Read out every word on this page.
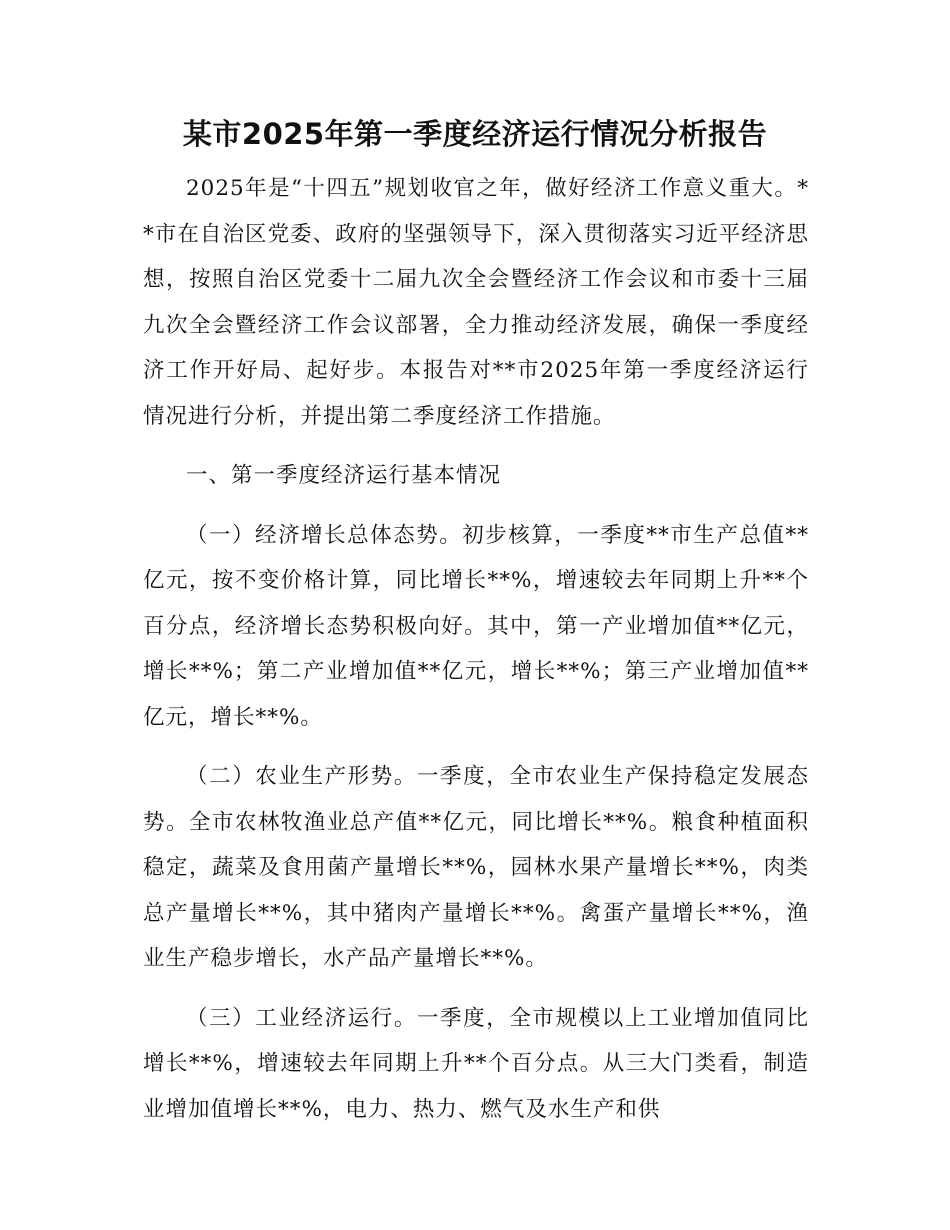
某市2025年第一季度经济运行情况分析报告

2025年是“十四五”规划收官之年，做好经济工作意义重大。**市在自治区党委、政府的坚强领导下，深入贯彻落实习近平经济思想，按照自治区党委十二届九次全会暨经济工作会议和市委十三届九次全会暨经济工作会议部署，全力推动经济发展，确保一季度经济工作开好局、起好步。本报告对**市2025年第一季度经济运行情况进行分析，并提出第二季度经济工作措施。

一、第一季度经济运行基本情况

（一）经济增长总体态势。初步核算，一季度**市生产总值**亿元，按不变价格计算，同比增长**%，增速较去年同期上升**个百分点，经济增长态势积极向好。其中，第一产业增加值**亿元，增长**%；第二产业增加值**亿元，增长**%；第三产业增加值**亿元，增长**%。

（二）农业生产形势。一季度，全市农业生产保持稳定发展态势。全市农林牧渔业总产值**亿元，同比增长**%。粮食种植面积稳定，蔬菜及食用菌产量增长**%，园林水果产量增长**%，肉类总产量增长**%，其中猪肉产量增长**%。禽蛋产量增长**%，渔业生产稳步增长，水产品产量增长**%。

（三）工业经济运行。一季度，全市规模以上工业增加值同比增长**%，增速较去年同期上升**个百分点。从三大门类看，制造业增加值增长**%，电力、热力、燃气及水生产和供
